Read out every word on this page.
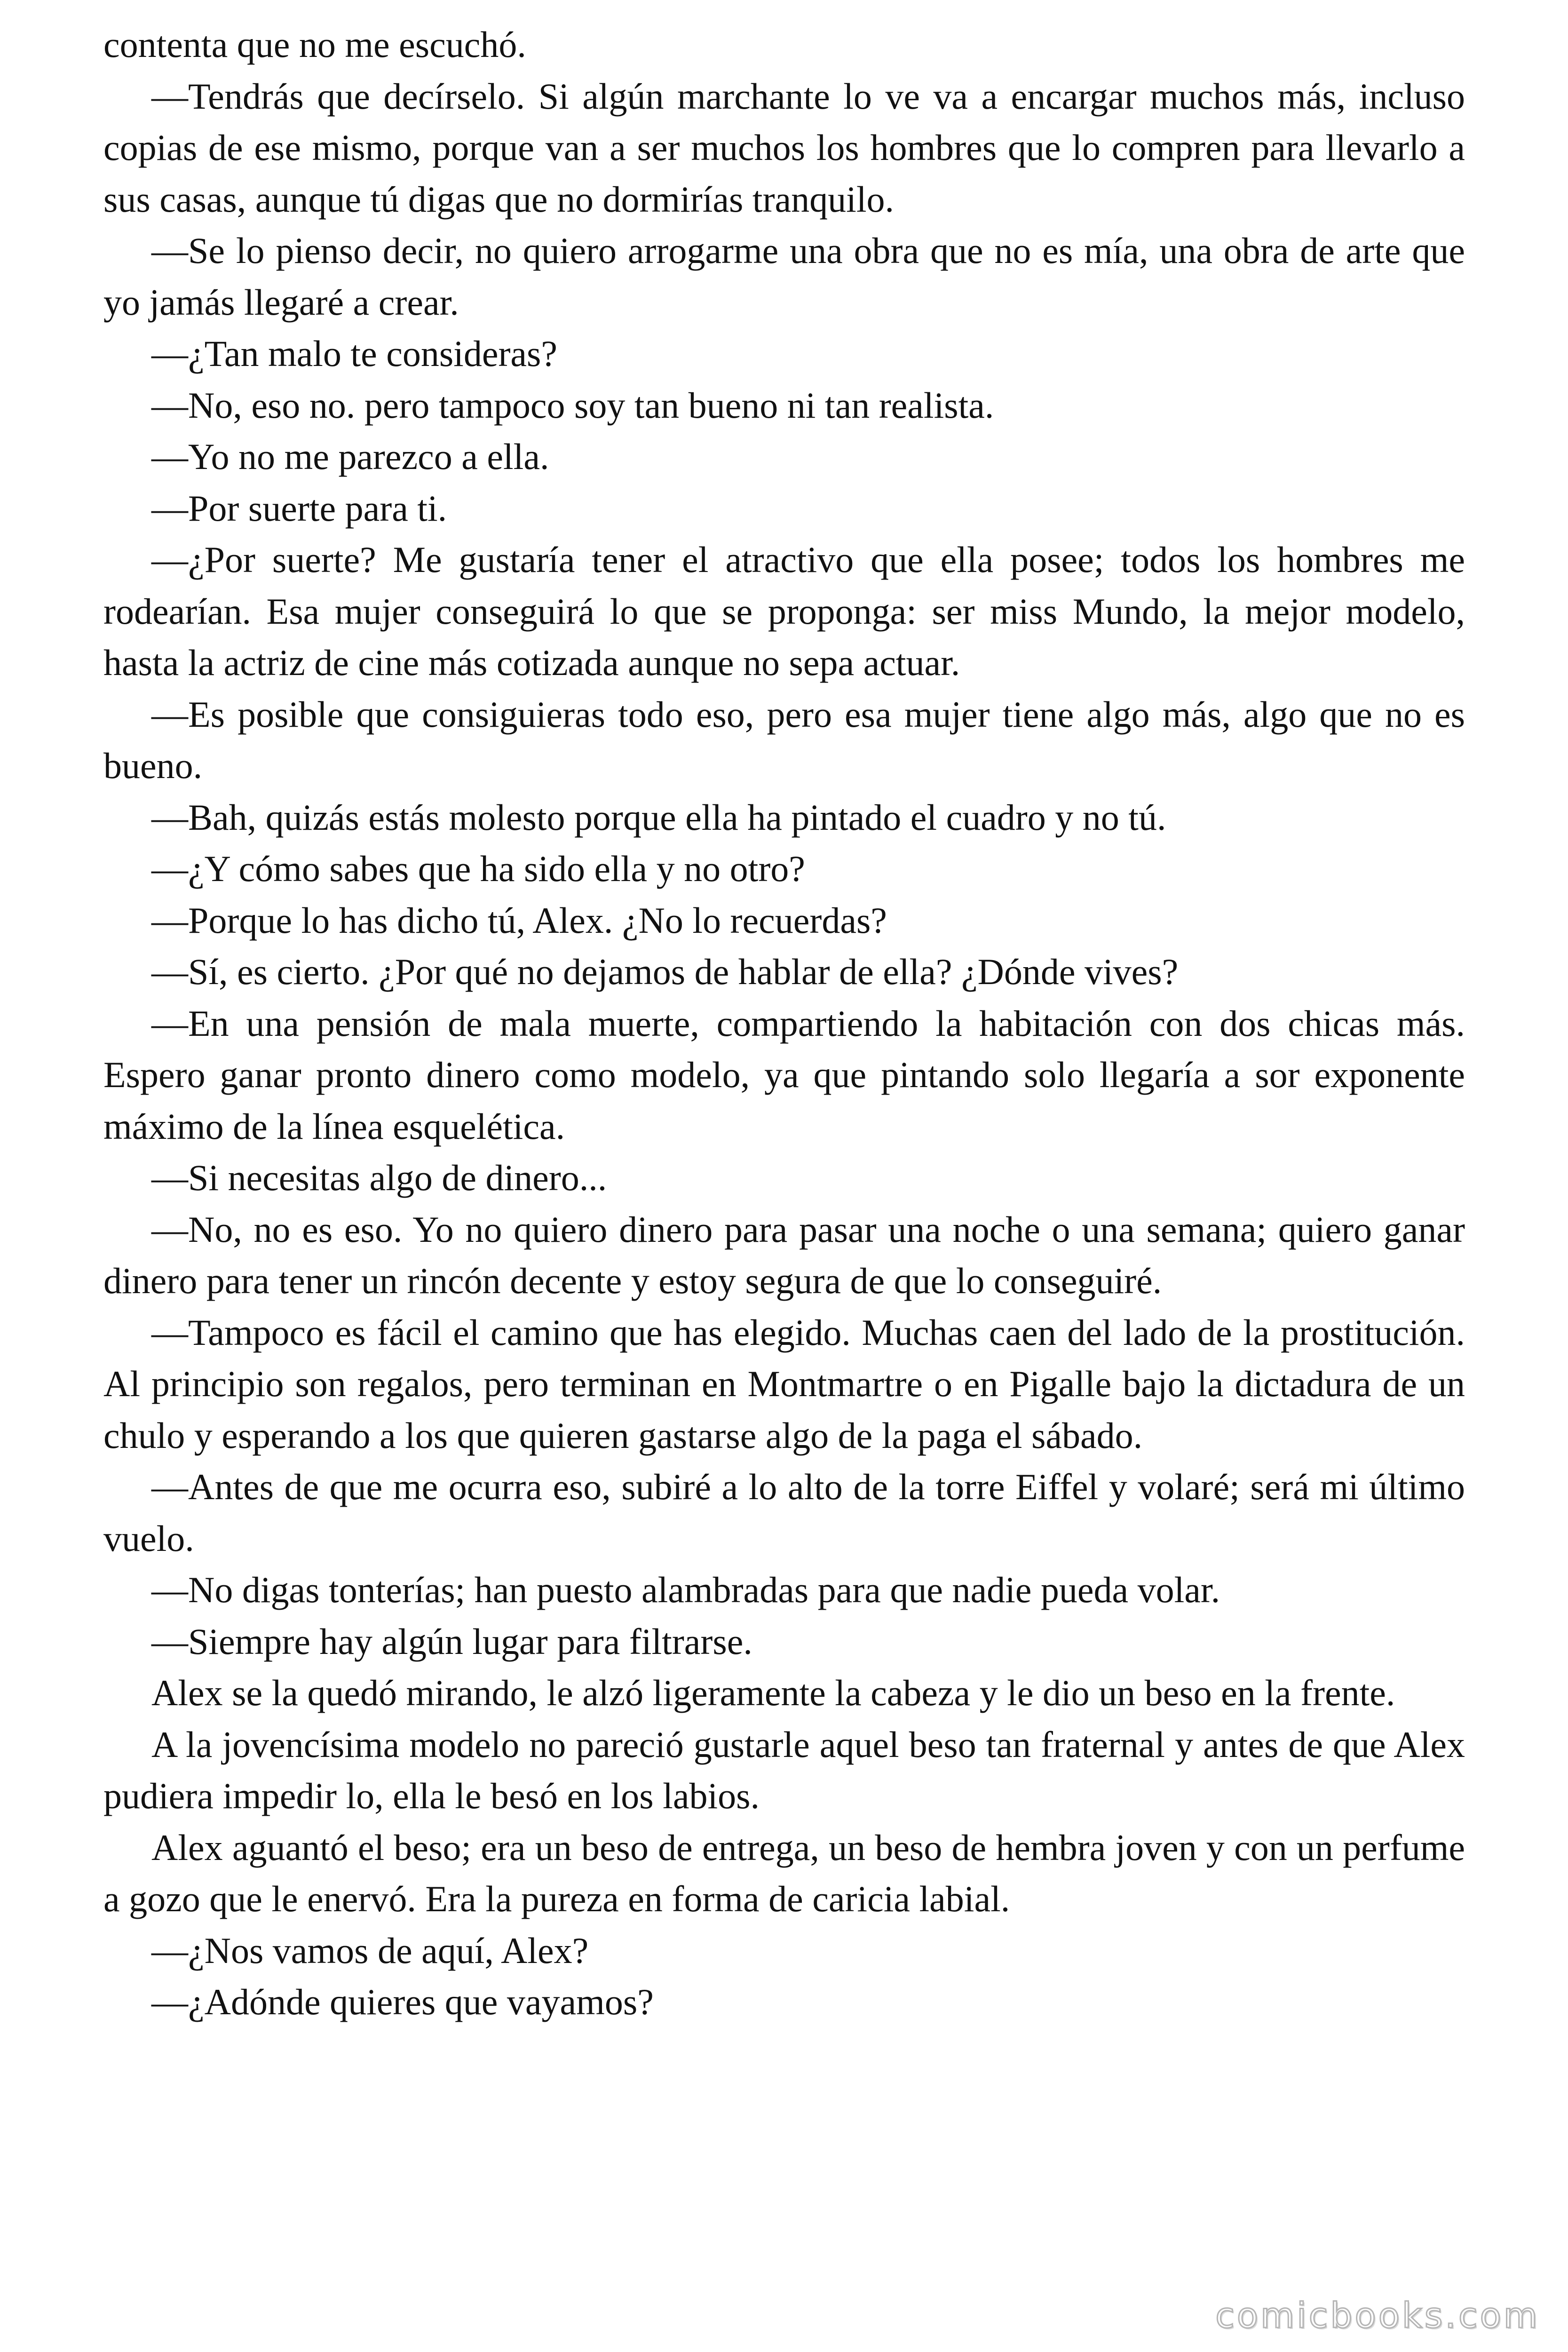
contenta que no me escuchó.

—Tendrás que decírselo. Si algún marchante lo ve va a encargar muchos más, incluso copias de ese mismo, porque van a ser muchos los hombres que lo compren para llevarlo a sus casas, aunque tú digas que no dormirías tranquilo.

—Se lo pienso decir, no quiero arrogarme una obra que no es mía, una obra de arte que yo jamás llegaré a crear.

—¿Tan malo te consideras?

—No, eso no. pero tampoco soy tan bueno ni tan realista.

—Yo no me parezco a ella.

—Por suerte para ti.

—¿Por suerte? Me gustaría tener el atractivo que ella posee; todos los hombres me rodearían. Esa mujer conseguirá lo que se proponga: ser miss Mundo, la mejor modelo, hasta la actriz de cine más cotizada aunque no sepa actuar.

—Es posible que consiguieras todo eso, pero esa mujer tiene algo más, algo que no es bueno.

—Bah, quizás estás molesto porque ella ha pintado el cuadro y no tú.

—¿Y cómo sabes que ha sido ella y no otro?

—Porque lo has dicho tú, Alex. ¿No lo recuerdas?

—Sí, es cierto. ¿Por qué no dejamos de hablar de ella? ¿Dónde vives?

—En una pensión de mala muerte, compartiendo la habitación con dos chicas más. Espero ganar pronto dinero como modelo, ya que pintando solo llegaría a sor exponente máximo de la línea esquelética.

—Si necesitas algo de dinero...

—No, no es eso. Yo no quiero dinero para pasar una noche o una semana; quiero ganar dinero para tener un rincón decente y estoy segura de que lo conseguiré.

—Tampoco es fácil el camino que has elegido. Muchas caen del lado de la prostitución. Al principio son regalos, pero terminan en Montmartre o en Pigalle bajo la dictadura de un chulo y esperando a los que quieren gastarse algo de la paga el sábado.

—Antes de que me ocurra eso, subiré a lo alto de la torre Eiffel y volaré; será mi último vuelo.

—No digas tonterías; han puesto alambradas para que nadie pueda volar.

—Siempre hay algún lugar para filtrarse.

Alex se la quedó mirando, le alzó ligeramente la cabeza y le dio un beso en la frente.

A la jovencísima modelo no pareció gustarle aquel beso tan fraternal y antes de que Alex pudiera impedir lo, ella le besó en los labios.

Alex aguantó el beso; era un beso de entrega, un beso de hembra joven y con un perfume a gozo que le enervó. Era la pureza en forma de caricia labial.

—¿Nos vamos de aquí, Alex?

—¿Adónde quieres que vayamos?

comicbooks.com
